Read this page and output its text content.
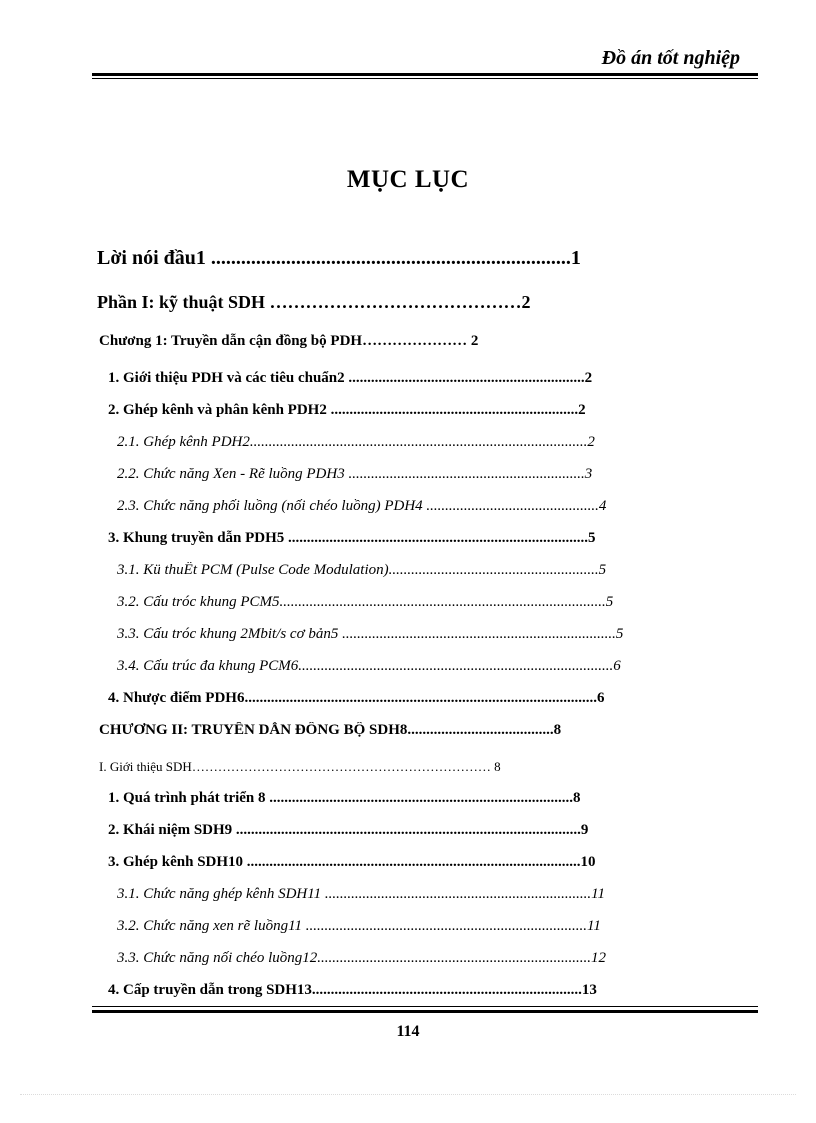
Đồ án tốt nghiệp
MỤC LỤC
Lời nói đầu1 ........................................................................1
Phần I: kỹ thuật SDH ……………………………………2
Chương 1: Truyền dẫn cận đồng bộ PDH………………… 2
1. Giới thiệu PDH và các tiêu chuẩn2 ...............................................................2
2. Ghép kênh và phân kênh PDH2 ..................................................................2
2.1. Ghép kênh PDH2..........................................................................................2
2.2. Chức năng Xen - Rẽ luồng PDH3 ...............................................................3
2.3. Chức năng phối luồng (nối chéo luồng) PDH4 ..............................................4
3. Khung truyền dẫn PDH5 ................................................................................5
3.1. Kü thuËt PCM (Pulse Code Modulation)........................................................5
3.2. Cấu tróc khung PCM5.......................................................................................5
3.3. Cấu tróc khung 2Mbit/s cơ bản5 .........................................................................5
3.4. Cấu trúc đa khung PCM6....................................................................................6
4. Nhược điểm PDH6..............................................................................................6
CHƯƠNG II: TRUYỀN DẪN ĐỒNG BỘ SDH8.......................................8
I. Giới thiệu SDH…………………………………………………………… 8
1. Quá trình phát triển 8 .................................................................................8
2. Khái niệm SDH9 ............................................................................................9
3. Ghép kênh SDH10 .........................................................................................10
3.1. Chức năng ghép kênh SDH11 .......................................................................11
3.2. Chức năng xen rẽ luồng11 ...........................................................................11
3.3. Chức năng nối chéo luồng12.........................................................................12
4. Cấp truyền dẫn trong SDH13........................................................................13
114
